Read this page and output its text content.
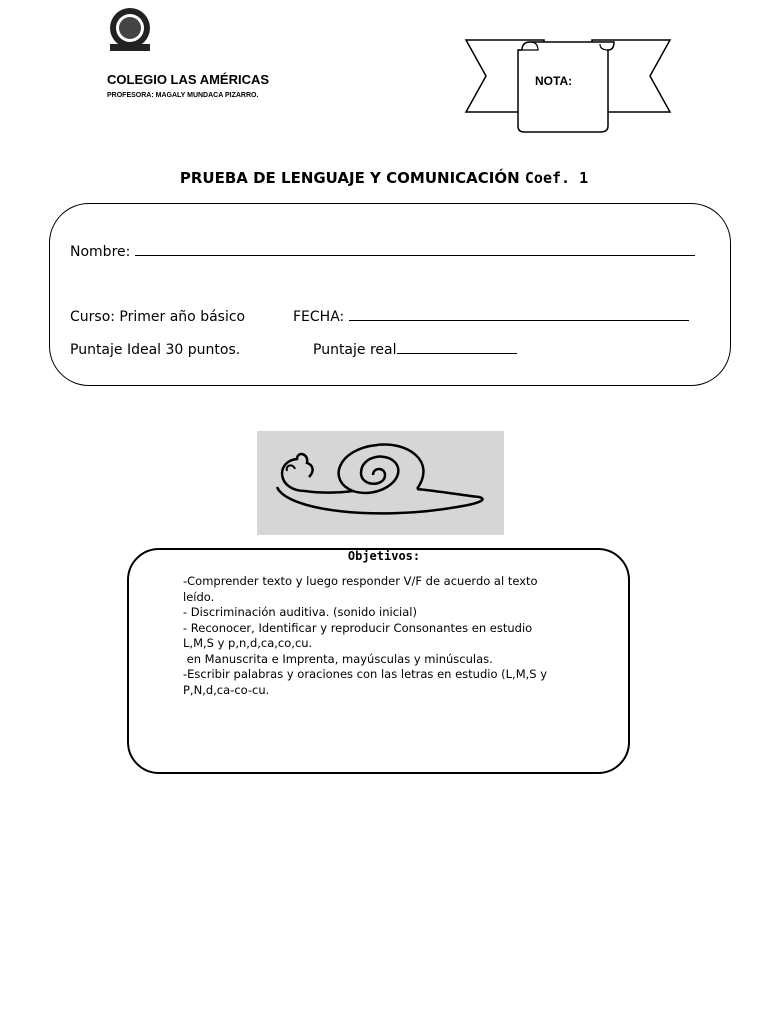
COLEGIO LAS AMÉRICAS
PROFESORA: MAGALY MUNDACA PIZARRO.
NOTA:
PRUEBA DE LENGUAJE Y COMUNICACIÓN Coef. 1
Nombre:
Curso: Primer año básico	FECHA:
Puntaje Ideal 30 puntos.	Puntaje real
Objetivos:
-Comprender texto y luego responder V/F de acuerdo al texto
leído.
- Discriminación auditiva. (sonido inicial)
- Reconocer, Identificar y reproducir Consonantes en estudio
L,M,S y p,n,d,ca,co,cu.
en Manuscrita e Imprenta, mayúsculas y minúsculas.
-Escribir palabras y oraciones con las letras en estudio (L,M,S y
P,N,d,ca-co-cu.
